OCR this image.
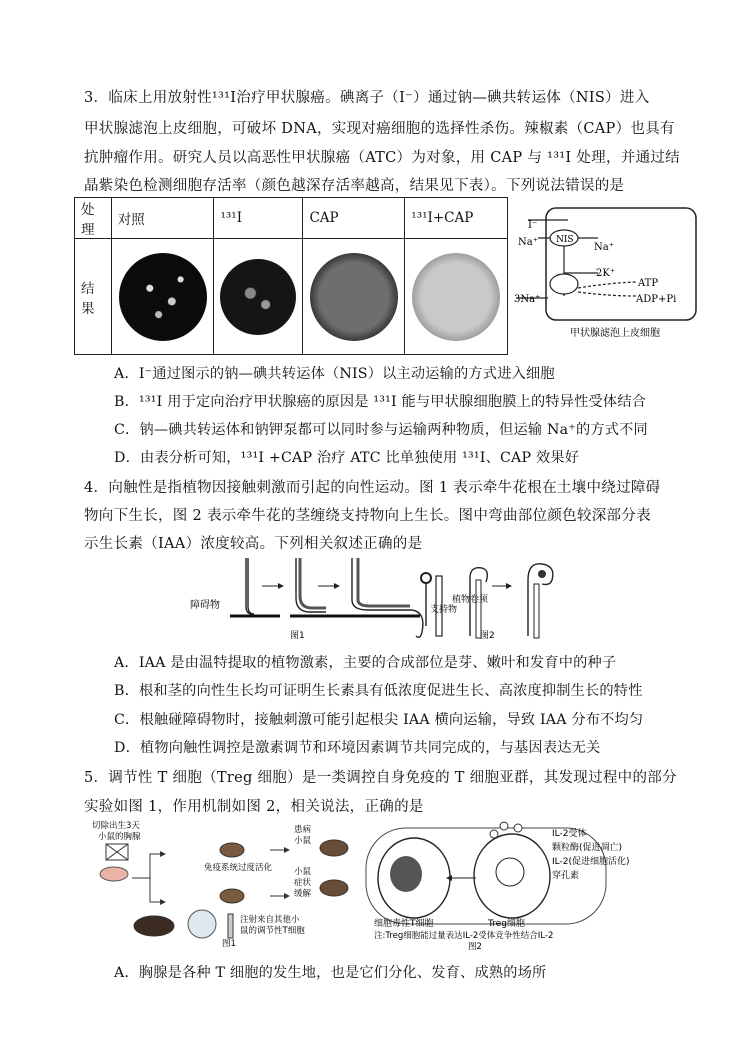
3．临床上用放射性¹³¹I治疗甲状腺癌。碘离子（I⁻）通过钠—碘共转运体（NIS）进入
甲状腺滤泡上皮细胞，可破坏 DNA，实现对癌细胞的选择性杀伤。辣椒素（CAP）也具有
抗肿瘤作用。研究人员以高恶性甲状腺癌（ATC）为对象，用 CAP 与 ¹³¹I 处理，并通过结
晶紫染色检测细胞存活率（颜色越深存活率越高，结果见下表）。下列说法错误的是
处理	对照	¹³¹I	CAP	¹³¹I+CAP
结果	

I⁻
Na⁺ NIS
Na⁺
2K⁺
ATP
3Na⁺	ADP+Pi
甲状腺滤泡上皮细胞
A．I⁻通过图示的钠—碘共转运体（NIS）以主动运输的方式进入细胞
B．¹³¹I 用于定向治疗甲状腺癌的原因是 ¹³¹I 能与甲状腺细胞膜上的特异性受体结合
C．钠—碘共转运体和钠钾泵都可以同时参与运输两种物质，但运输 Na⁺的方式不同
D．由表分析可知，¹³¹I +CAP 治疗 ATC 比单独使用 ¹³¹I、CAP 效果好
4．向触性是指植物因接触刺激而引起的向性运动。图 1 表示牵牛花根在土壤中绕过障碍
物向下生长，图 2 表示牵牛花的茎缠绕支持物向上生长。图中弯曲部位颜色较深部分表
示生长素（IAA）浓度较高。下列相关叙述正确的是
障碍物
图1
支持物
植物卷须
图2
A．IAA 是由温特提取的植物激素，主要的合成部位是芽、嫩叶和发育中的种子
B．根和茎的向性生长均可证明生长素具有低浓度促进生长、高浓度抑制生长的特性
C．根触碰障碍物时，接触刺激可能引起根尖 IAA 横向运输，导致 IAA 分布不均匀
D．植物向触性调控是激素调节和环境因素调节共同完成的，与基因表达无关
5．调节性 T 细胞（Treg 细胞）是一类调控自身免疫的 T 细胞亚群，其发现过程中的部分
实验如图 1，作用机制如图 2，相关说法，正确的是
切除出生3天
小鼠的胸腺
免疫系统过度活化
患病
小鼠
小鼠
症状
缓解
注射来自其他小
鼠的调节性T细胞
图1
IL-2受体
颗粒酶(促进凋亡)
IL-2(促进细胞活化)
穿孔素
细胞毒性T细胞	Treg细胞
注:Treg细胞能过量表达IL-2受体竞争性结合IL-2
图2
A．胸腺是各种 T 细胞的发生地，也是它们分化、发育、成熟的场所
